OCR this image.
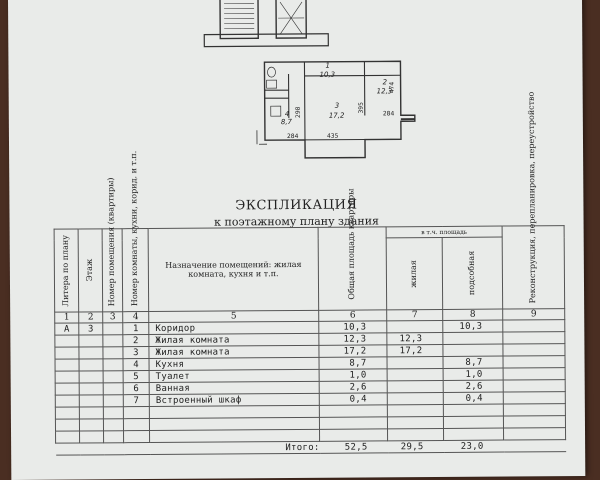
1
10,3
2
12,3
3
17,2
4
8,7
284
395
435
284
474
298
ЭКСПЛИКАЦИЯ
к поэтажному плану здания
Литера по плану	Этаж	Номер помещения (квартиры)	Номер комнаты, кухни, корид. и т.п.	Назначение помещений: жилая комната, кухня и т.п.	Общая площадь квартиры	в т.ч. площадь		Реконструкция, перепланировка, переустройство

						жилая	подсобная	

1	2	3	4	5	6	7	8	9
А	3		1	Коридор	10,3		10,3	
			2	Жилая комната	12,3	12,3		
			3	Жилая комната	17,2	17,2		
			4	Кухня	8,7		8,7	
			5	Туалет	1,0		1,0	
			6	Ванная	2,6		2,6	
			7	Встроенный шкаф	0,4		0,4	

Итого:					52,5	29,5	23,0	
